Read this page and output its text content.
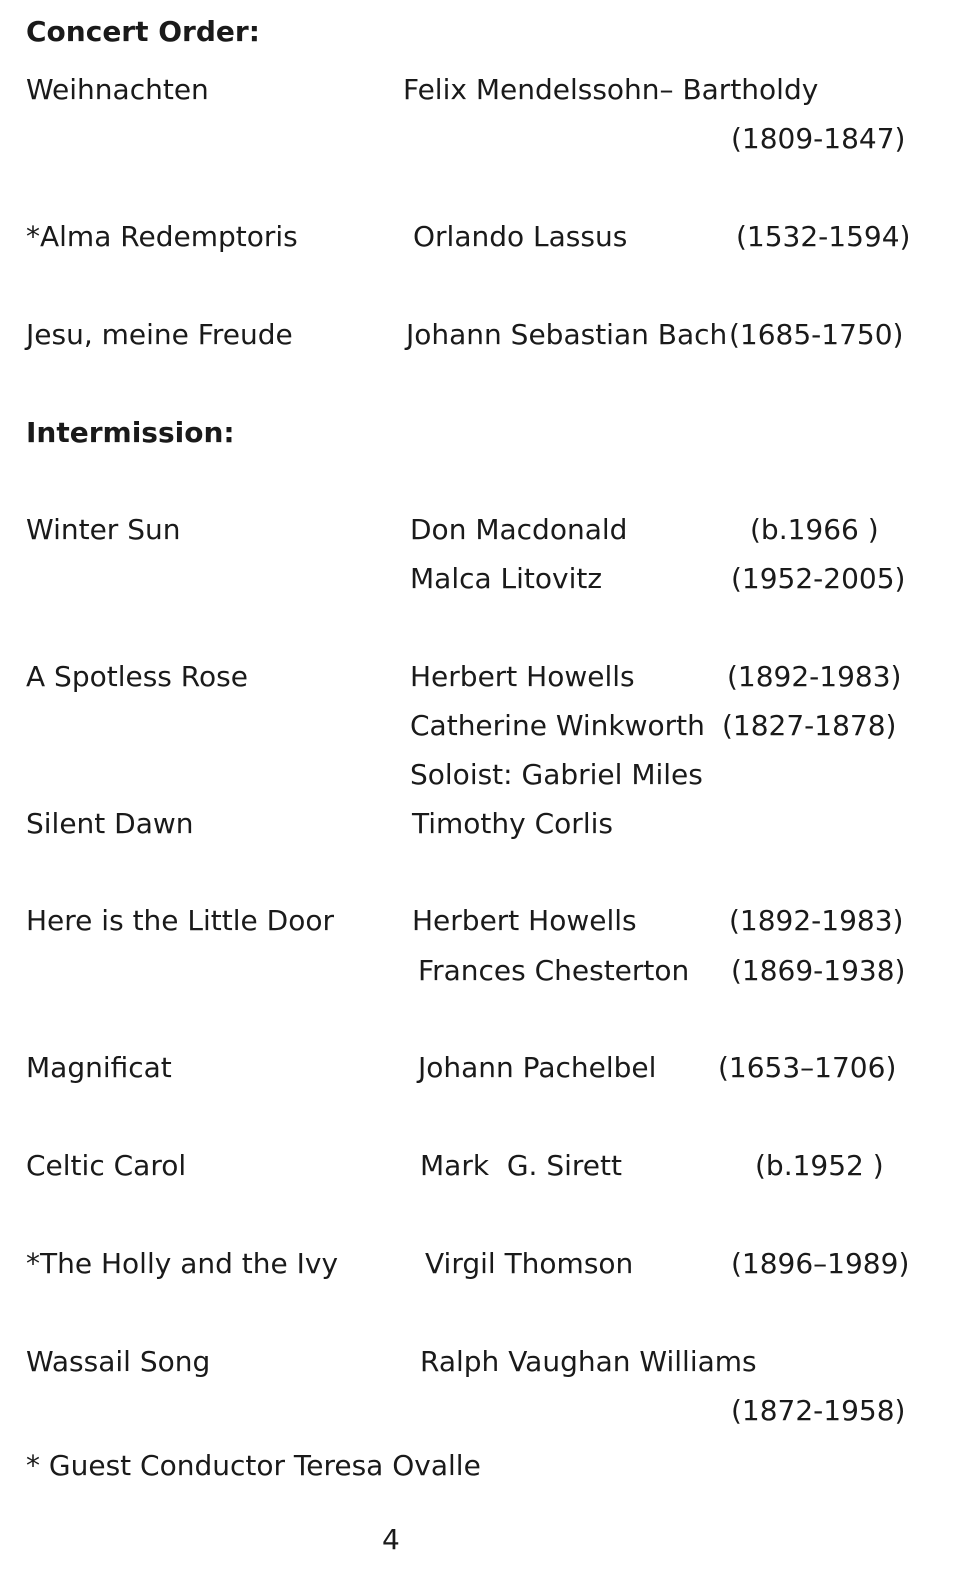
Concert Order:
Weihnachten	Felix Mendelssohn– Bartholdy
(1809-1847)
*Alma Redemptoris	Orlando Lassus	(1532-1594)
Jesu, meine Freude	Johann Sebastian Bach (1685-1750)
Intermission:
Winter Sun	Don Macdonald	(b.1966 )
Malca Litovitz	(1952-2005)
A Spotless Rose	Herbert Howells	(1892-1983)
Catherine Winkworth (1827-1878)
Soloist: Gabriel Miles
Silent Dawn	Timothy Corlis
Here is the Little Door	Herbert Howells	(1892-1983)
Frances Chesterton (1869-1938)
Magnificat	Johann Pachelbel (1653–1706)
Celtic Carol	Mark  G. Sirett	(b.1952 )
*The Holly and the Ivy	Virgil Thomson	(1896–1989)
Wassail Song	Ralph Vaughan Williams
(1872-1958)
* Guest Conductor Teresa Ovalle
4
